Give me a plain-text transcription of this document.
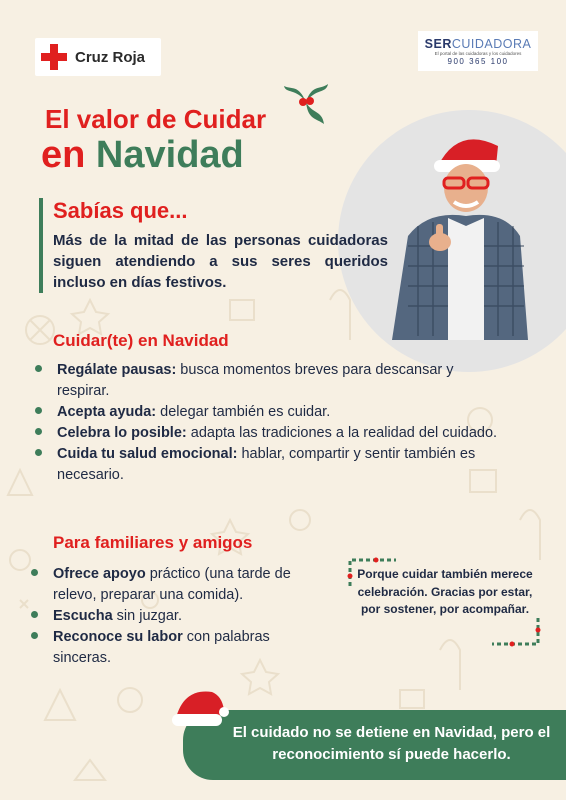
Cruz Roja
SERCUIDADORA
El portal de las cuidadoras y los cuidadores
900 365 100
El valor de Cuidar
en Navidad
Sabías que...

Más de la mitad de las personas cuidadoras siguen atendiendo a sus seres queridos incluso en días festivos.

Cuidar(te) en Navidad
Regálate pausas: busca momentos breves para descansar y respirar.
Acepta ayuda: delegar también es cuidar.
Celebra lo posible: adapta las tradiciones a la realidad del cuidado.
Cuida tu salud emocional: hablar, compartir y sentir también es necesario.
Para familiares y amigos
Ofrece apoyo práctico (una tarde de relevo, preparar una comida).
Escucha sin juzgar.
Reconoce su labor con palabras sinceras.
Porque cuidar también merece celebración. Gracias por estar, por sostener, por acompañar.

El cuidado no se detiene en Navidad, pero el reconocimiento sí puede hacerlo.
